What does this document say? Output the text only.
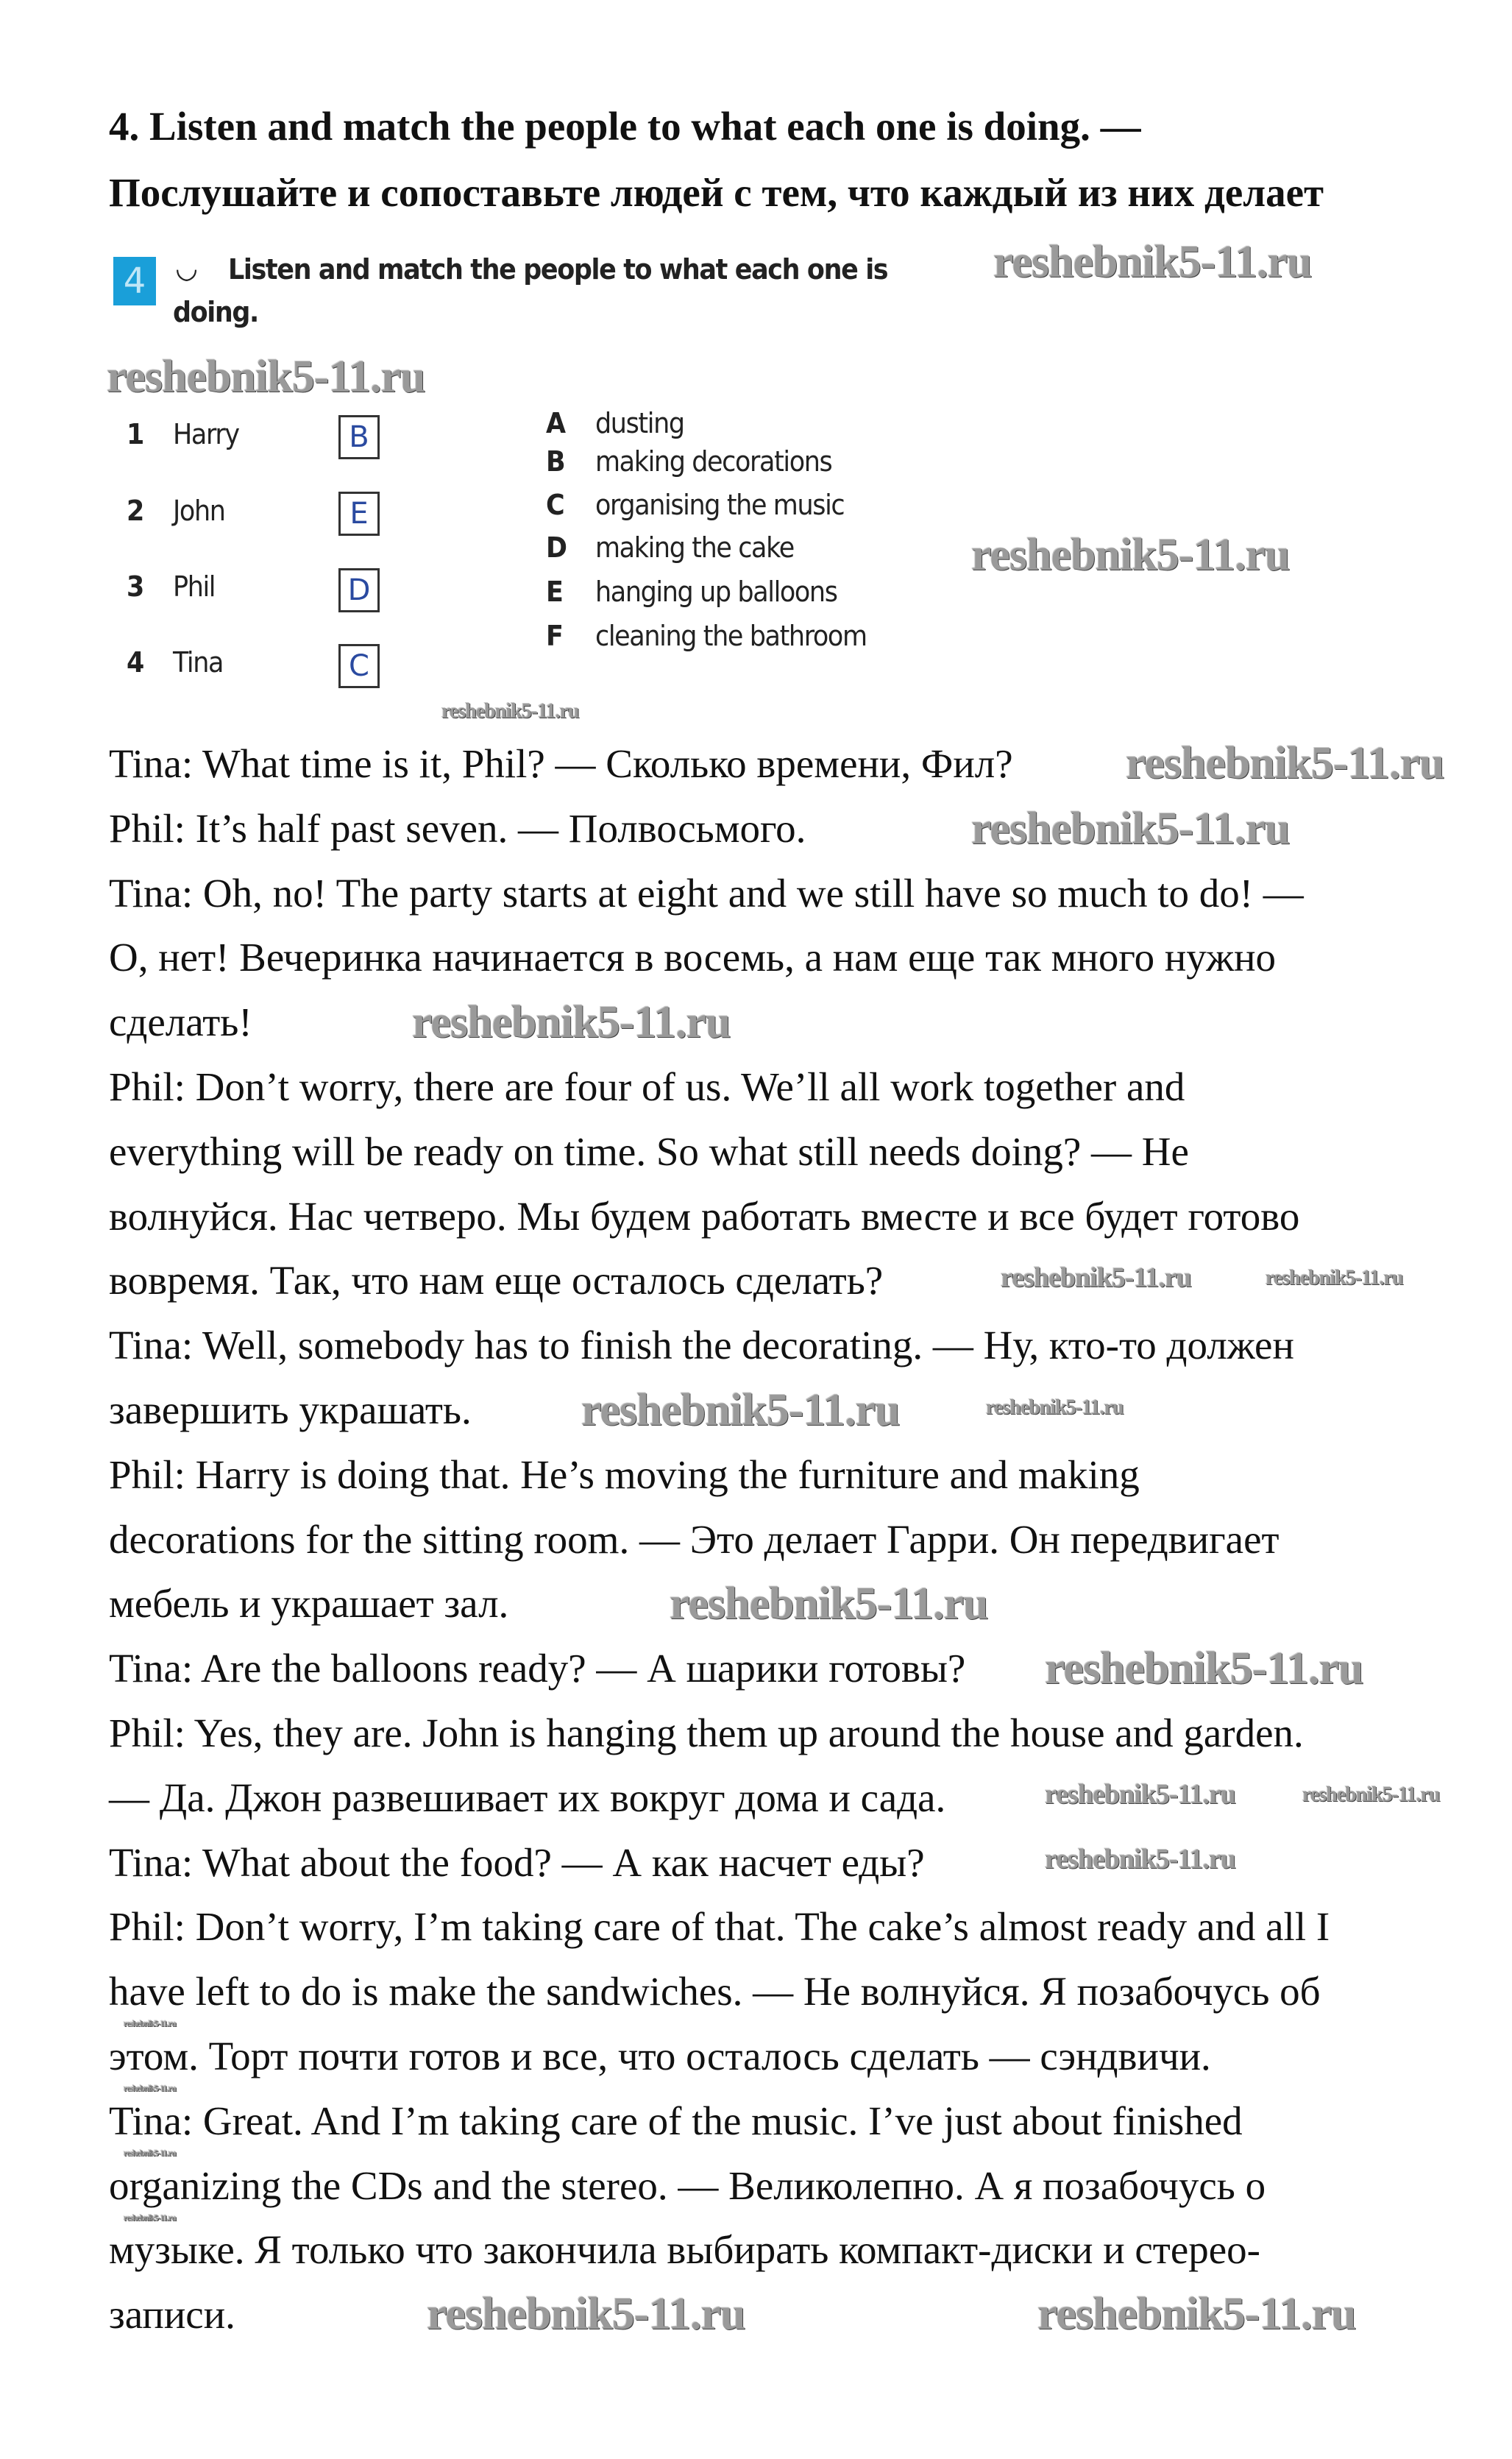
4. Listen and match the people to what each one is doing. —
Послушайте и сопоставьте людей с тем, что каждый из них делает
4	◟◞ Listen and match the people to what each one is
doing.
1 Harry	B
2 John	E
3 Phil	D
4 Tina	C
A dusting
B making decorations
C organising the music
D making the cake
E hanging up balloons
F cleaning the bathroom
Tina: What time is it, Phil? — Сколько времени, Фил?
Phil: It’s half past seven. — Полвосьмого.
Tina: Oh, no! The party starts at eight and we still have so much to do! —
О, нет! Вечеринка начинается в восемь, а нам еще так много нужно
сделать!
Phil: Don’t worry, there are four of us. We’ll all work together and
everything will be ready on time. So what still needs doing? — Не
волнуйся. Нас четверо. Мы будем работать вместе и все будет готово
вовремя. Так, что нам еще осталось сделать?
Tina: Well, somebody has to finish the decorating. — Ну, кто-то должен
завершить украшать.
Phil: Harry is doing that. He’s moving the furniture and making
decorations for the sitting room. — Это делает Гарри. Он передвигает
мебель и украшает зал.
Tina: Are the balloons ready? — А шарики готовы?
Phil: Yes, they are. John is hanging them up around the house and garden.
— Да. Джон развешивает их вокруг дома и сада.
Tina: What about the food? — А как насчет еды?
Phil: Don’t worry, I’m taking care of that. The cake’s almost ready and all I
have left to do is make the sandwiches. — Не волнуйся. Я позабочусь об
этом. Торт почти готов и все, что осталось сделать — сэндвичи.
Tina: Great. And I’m taking care of the music. I’ve just about finished
organizing the CDs and the stereo. — Великолепно. А я позабочусь о
музыке. Я только что закончила выбирать компакт-диски и стерео-
записи.
reshebnik5-11.ru
reshebnik5-11.ru
reshebnik5-11.ru
reshebnik5-11.ru
reshebnik5-11.ru
reshebnik5-11.ru
reshebnik5-11.ru
reshebnik5-11.ru	reshebnik5-11.ru
reshebnik5-11.ru	reshebnik5-11.ru
reshebnik5-11.ru
reshebnik5-11.ru
reshebnik5-11.ru	reshebnik5-11.ru
reshebnik5-11.ru
reshebnik5-11.ru
reshebnik5-11.ru
reshebnik5-11.ru
reshebnik5-11.ru
reshebnik5-11.ru	reshebnik5-11.ru
